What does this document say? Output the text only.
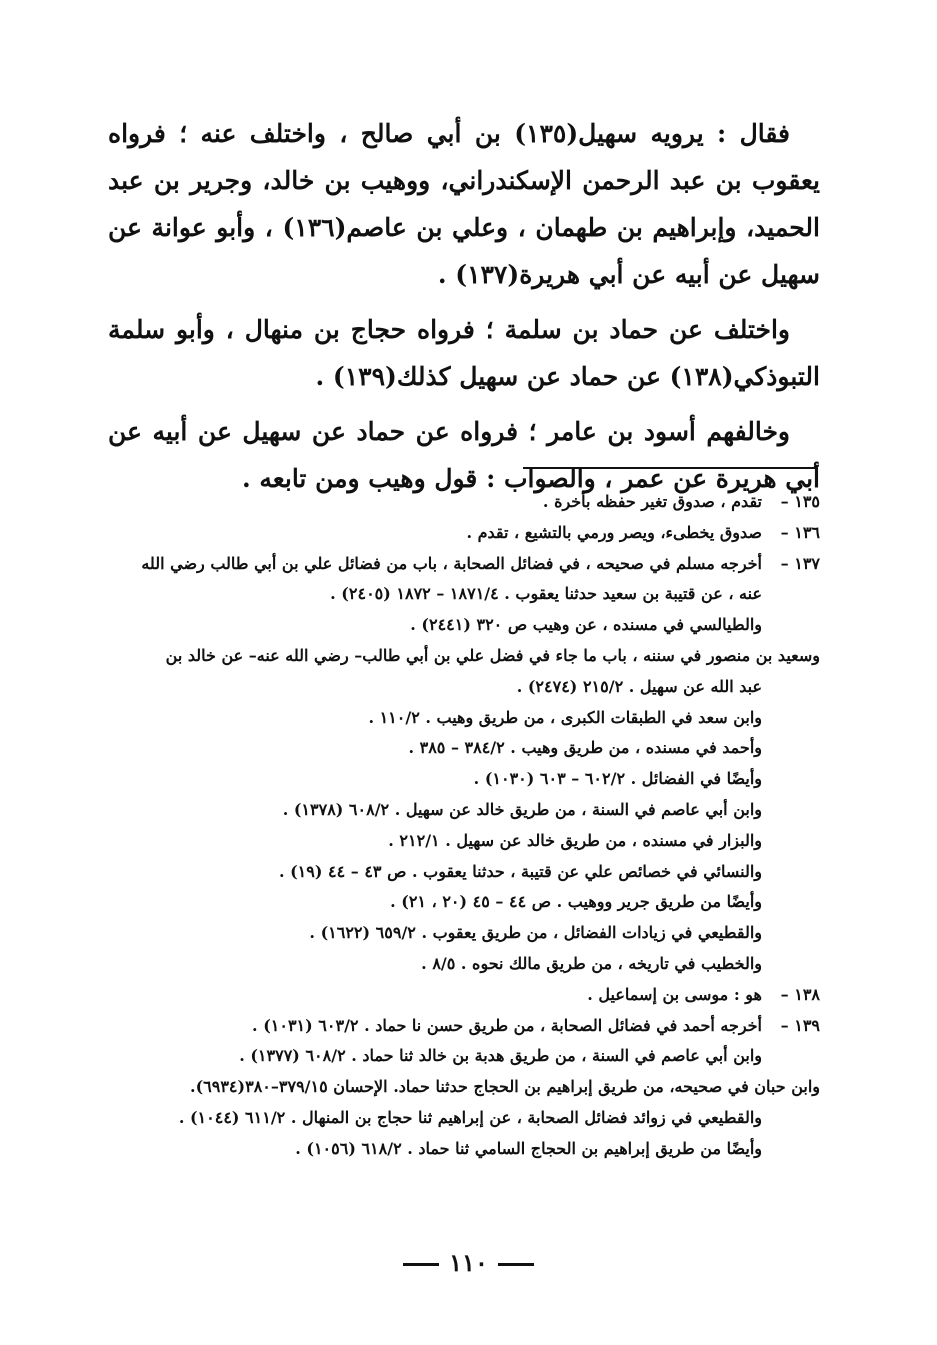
فقال : يرويه سهيل(١٣٥) بن أبي صالح ، واختلف عنه ؛ فرواه يعقوب بن عبد الرحمن الإسكندراني، ووهيب بن خالد، وجرير بن عبد الحميد، وإبراهيم بن طهمان ، وعلي بن عاصم(١٣٦) ، وأبو عوانة عن سهيل عن أبيه عن أبي هريرة(١٣٧) .

واختلف عن حماد بن سلمة ؛ فرواه حجاج بن منهال ، وأبو سلمة التبوذكي(١٣٨) عن حماد عن سهيل كذلك(١٣٩) .

وخالفهم أسود بن عامر ؛ فرواه عن حماد عن سهيل عن أبيه عن أبي هريرة عن عمر ، والصواب : قول وهيب ومن تابعه .

١٣٥ –
تقدم ، صدوق تغير حفظه بأخرة .
١٣٦ –
صدوق يخطىء، ويصر ورمي بالتشيع ، تقدم .
١٣٧ –
أخرجه مسلم في صحيحه ، في فضائل الصحابة ، باب من فضائل علي بن أبي طالب رضي الله
عنه ، عن قتيبة بن سعيد حدثنا يعقوب . ١٨٧١/٤ – ١٨٧٢ (٢٤٠٥) .
والطيالسي في مسنده ، عن وهيب ص ٣٢٠ (٢٤٤١) .
وسعيد بن منصور في سننه ، باب ما جاء في فضل علي بن أبي طالب– رضي الله عنه– عن خالد بن
عبد الله عن سهيل . ٢١٥/٢ (٢٤٧٤) .
وابن سعد في الطبقات الكبرى ، من طريق وهيب . ١١٠/٢ .
وأحمد في مسنده ، من طريق وهيب . ٣٨٤/٢ – ٣٨٥ .
وأيضًا في الفضائل . ٦٠٢/٢ – ٦٠٣ (١٠٣٠) .
وابن أبي عاصم في السنة ، من طريق خالد عن سهيل . ٦٠٨/٢ (١٣٧٨) .
والبزار في مسنده ، من طريق خالد عن سهيل . ٢١٢/١ .
والنسائي في خصائص علي عن قتيبة ، حدثنا يعقوب . ص ٤٣ – ٤٤ (١٩) .
وأيضًا من طريق جرير ووهيب . ص ٤٤ – ٤٥ (٢٠ ، ٢١) .
والقطيعي في زيادات الفضائل ، من طريق يعقوب . ٦٥٩/٢ (١٦٢٢) .
والخطيب في تاريخه ، من طريق مالك نحوه . ٨/٥ .
١٣٨ –
هو : موسى بن إسماعيل .
١٣٩ –
أخرجه أحمد في فضائل الصحابة ، من طريق حسن نا حماد . ٦٠٣/٢ (١٠٣١) .
وابن أبي عاصم في السنة ، من طريق هدبة بن خالد ثنا حماد . ٦٠٨/٢ (١٣٧٧) .
وابن حبان في صحيحه، من طريق إبراهيم بن الحجاج حدثنا حماد. الإحسان ٣٧٩/١٥–٣٨٠(٦٩٣٤).
والقطيعي في زوائد فضائل الصحابة ، عن إبراهيم ثنا حجاج بن المنهال . ٦١١/٢ (١٠٤٤) .
وأيضًا من طريق إبراهيم بن الحجاج السامي ثنا حماد . ٦١٨/٢ (١٠٥٦) .
١١٠
